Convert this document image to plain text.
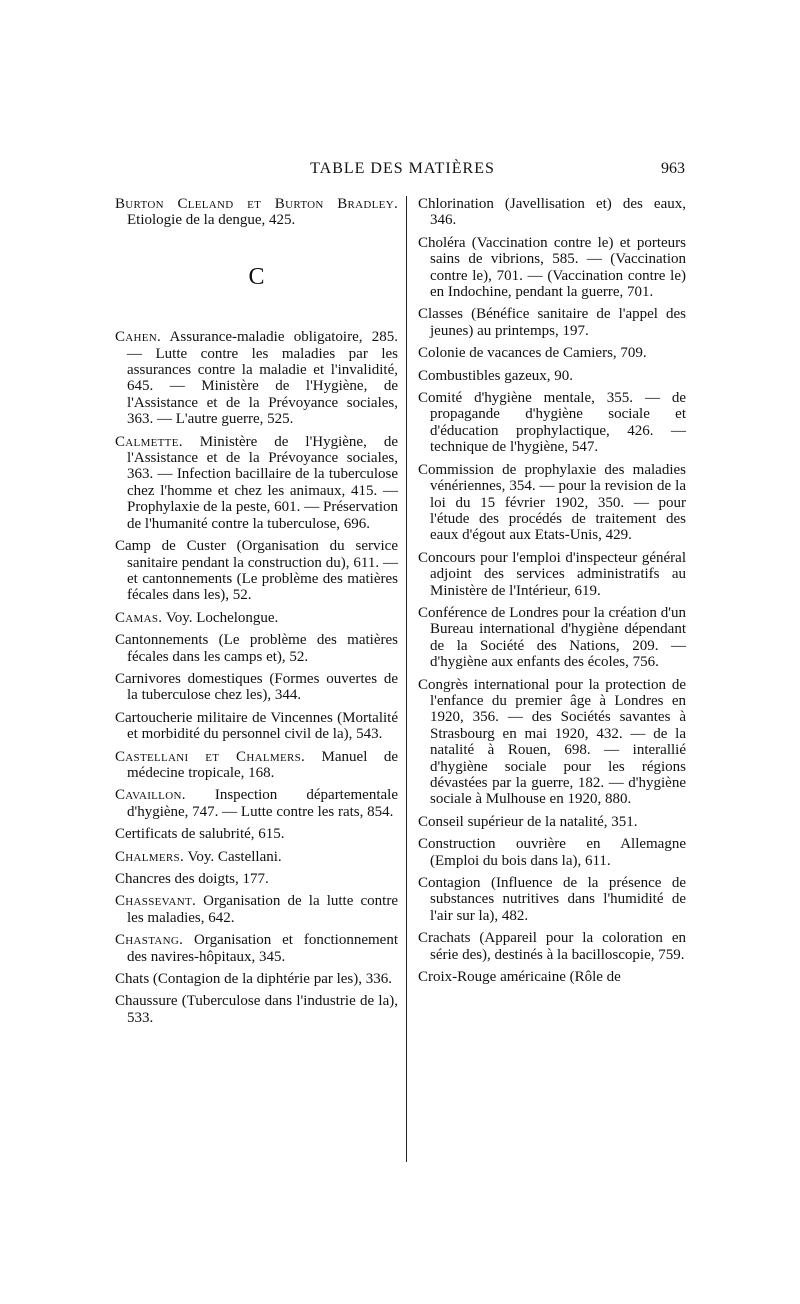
TABLE DES MATIÈRES	963

Burton Cleland et Burton Bradley. Etiologie de la dengue, 425.

C

Cahen. Assurance-maladie obligatoire, 285. — Lutte contre les maladies par les assurances contre la maladie et l'invalidité, 645. — Ministère de l'Hygiène, de l'Assistance et de la Prévoyance sociales, 363. — L'autre guerre, 525.

Calmette. Ministère de l'Hygiène, de l'Assistance et de la Prévoyance sociales, 363. — Infection bacillaire de la tuberculose chez l'homme et chez les animaux, 415. — Prophylaxie de la peste, 601. — Préservation de l'humanité contre la tuberculose, 696.

Camp de Custer (Organisation du service sanitaire pendant la construction du), 611. — et cantonnements (Le problème des matières fécales dans les), 52.

Camas. Voy. Lochelongue.

Cantonnements (Le problème des matières fécales dans les camps et), 52.

Carnivores domestiques (Formes ouvertes de la tuberculose chez les), 344.

Cartoucherie militaire de Vincennes (Mortalité et morbidité du personnel civil de la), 543.

Castellani et Chalmers. Manuel de médecine tropicale, 168.

Cavaillon. Inspection départementale d'hygiène, 747. — Lutte contre les rats, 854.

Certificats de salubrité, 615.

Chalmers. Voy. Castellani.

Chancres des doigts, 177.

Chassevant. Organisation de la lutte contre les maladies, 642.

Chastang. Organisation et fonctionnement des navires-hôpitaux, 345.

Chats (Contagion de la diphtérie par les), 336.

Chaussure (Tuberculose dans l'industrie de la), 533.

Chlorination (Javellisation et) des eaux, 346.

Choléra (Vaccination contre le) et porteurs sains de vibrions, 585. — (Vaccination contre le), 701. — (Vaccination contre le) en Indochine, pendant la guerre, 701.

Classes (Bénéfice sanitaire de l'appel des jeunes) au printemps, 197.

Colonie de vacances de Camiers, 709.

Combustibles gazeux, 90.

Comité d'hygiène mentale, 355. — de propagande d'hygiène sociale et d'éducation prophylactique, 426. — technique de l'hygiène, 547.

Commission de prophylaxie des maladies vénériennes, 354. — pour la revision de la loi du 15 février 1902, 350. — pour l'étude des procédés de traitement des eaux d'égout aux Etats-Unis, 429.

Concours pour l'emploi d'inspecteur général adjoint des services administratifs au Ministère de l'Intérieur, 619.

Conférence de Londres pour la création d'un Bureau international d'hygiène dépendant de la Société des Nations, 209. — d'hygiène aux enfants des écoles, 756.

Congrès international pour la protection de l'enfance du premier âge à Londres en 1920, 356. — des Sociétés savantes à Strasbourg en mai 1920, 432. — de la natalité à Rouen, 698. — interallié d'hygiène sociale pour les régions dévastées par la guerre, 182. — d'hygiène sociale à Mulhouse en 1920, 880.

Conseil supérieur de la natalité, 351.

Construction ouvrière en Allemagne (Emploi du bois dans la), 611.

Contagion (Influence de la présence de substances nutritives dans l'humidité de l'air sur la), 482.

Crachats (Appareil pour la coloration en série des), destinés à la bacilloscopie, 759.

Croix-Rouge américaine (Rôle de
